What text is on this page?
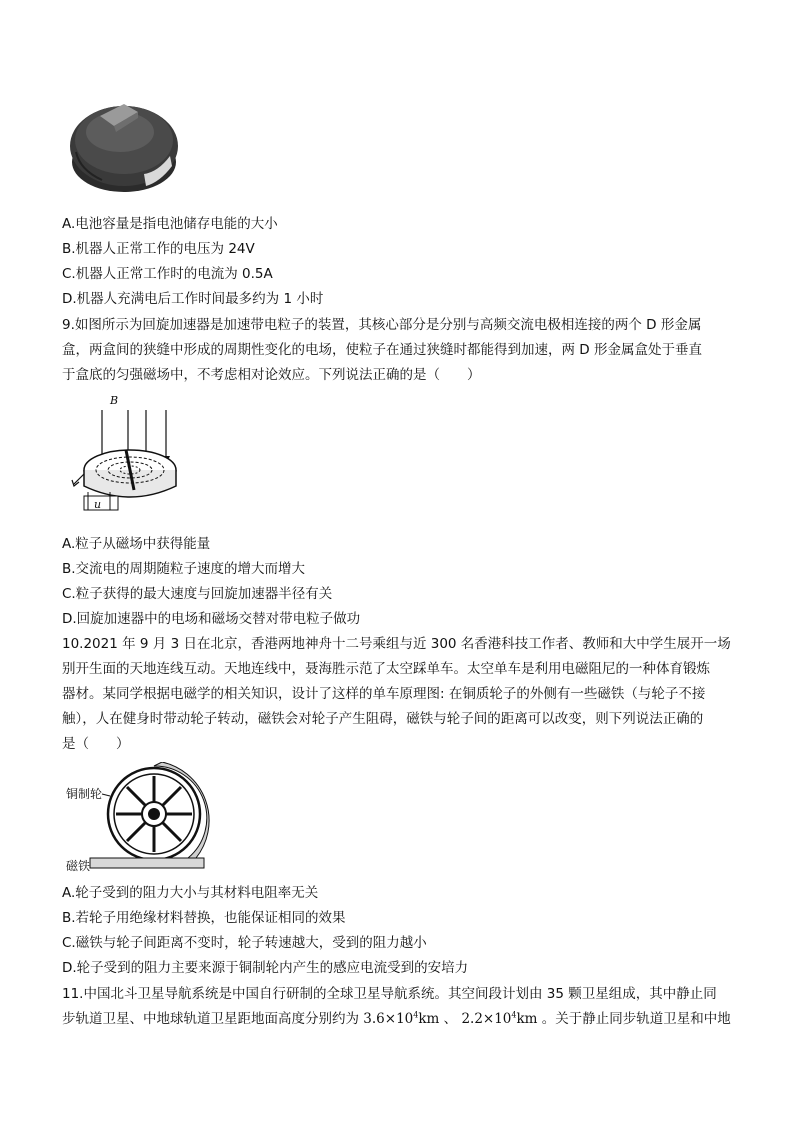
A.电池容量是指电池储存电能的大小
B.机器人正常工作的电压为 24V
C.机器人正常工作时的电流为 0.5A
D.机器人充满电后工作时间最多约为 1 小时
9.如图所示为回旋加速器是加速带电粒子的装置，其核心部分是分别与高频交流电极相连接的两个 D 形金属
盒，两盒间的狭缝中形成的周期性变化的电场，使粒子在通过狭缝时都能得到加速，两 D 形金属盒处于垂直
于盒底的匀强磁场中，不考虑相对论效应。下列说法正确的是（　　）
B
u
A.粒子从磁场中获得能量
B.交流电的周期随粒子速度的增大而增大
C.粒子获得的最大速度与回旋加速器半径有关
D.回旋加速器中的电场和磁场交替对带电粒子做功
10.2021 年 9 月 3 日在北京，香港两地神舟十二号乘组与近 300 名香港科技工作者、教师和大中学生展开一场
别开生面的天地连线互动。天地连线中，聂海胜示范了太空踩单车。太空单车是利用电磁阻尼的一种体育锻炼
器材。某同学根据电磁学的相关知识，设计了这样的单车原理图: 在铜质轮子的外侧有一些磁铁（与轮子不接
触），人在健身时带动轮子转动，磁铁会对轮子产生阻碍，磁铁与轮子间的距离可以改变，则下列说法正确的
是（　　）
铜制轮
磁铁
A.轮子受到的阻力大小与其材料电阻率无关
B.若轮子用绝缘材料替换，也能保证相同的效果
C.磁铁与轮子间距离不变时，轮子转速越大，受到的阻力越小
D.轮子受到的阻力主要来源于铜制轮内产生的感应电流受到的安培力
11.中国北斗卫星导航系统是中国自行研制的全球卫星导航系统。其空间段计划由 35 颗卫星组成，其中静止同
步轨道卫星、中地球轨道卫星距地面高度分别约为 $3.6\times 10^4km$ 、 $2.2\times 10^4km$ 。关于静止同步轨道卫星和中地
